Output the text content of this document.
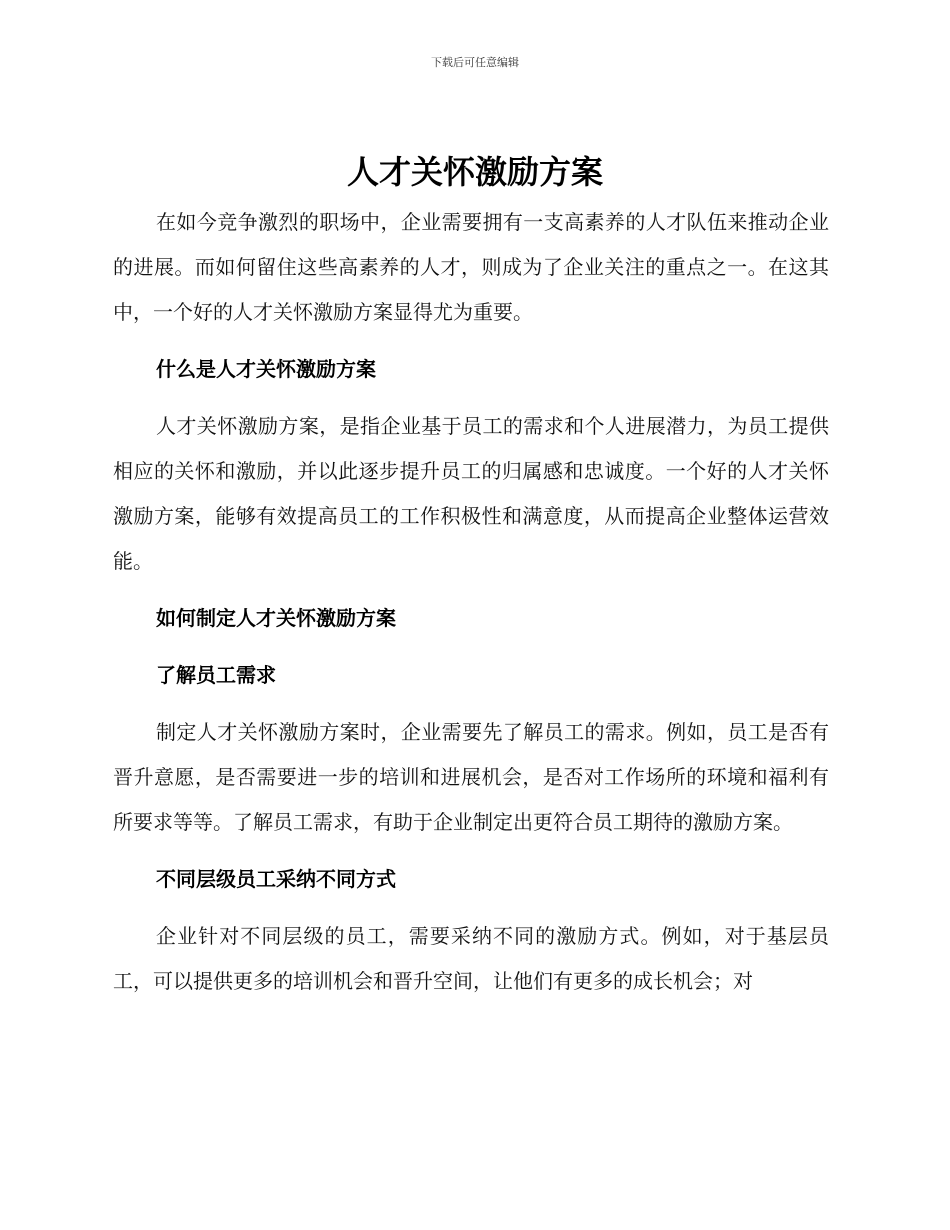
下载后可任意编辑
人才关怀激励方案

在如今竞争激烈的职场中，企业需要拥有一支高素养的人才队伍来推动企业的进展。而如何留住这些高素养的人才，则成为了企业关注的重点之一。在这其中，一个好的人才关怀激励方案显得尤为重要。

什么是人才关怀激励方案

人才关怀激励方案，是指企业基于员工的需求和个人进展潜力，为员工提供相应的关怀和激励，并以此逐步提升员工的归属感和忠诚度。一个好的人才关怀激励方案，能够有效提高员工的工作积极性和满意度，从而提高企业整体运营效能。

如何制定人才关怀激励方案
了解员工需求

制定人才关怀激励方案时，企业需要先了解员工的需求。例如，员工是否有晋升意愿，是否需要进一步的培训和进展机会，是否对工作场所的环境和福利有所要求等等。了解员工需求，有助于企业制定出更符合员工期待的激励方案。

不同层级员工采纳不同方式

企业针对不同层级的员工，需要采纳不同的激励方式。例如，对于基层员工，可以提供更多的培训机会和晋升空间，让他们有更多的成长机会；对
